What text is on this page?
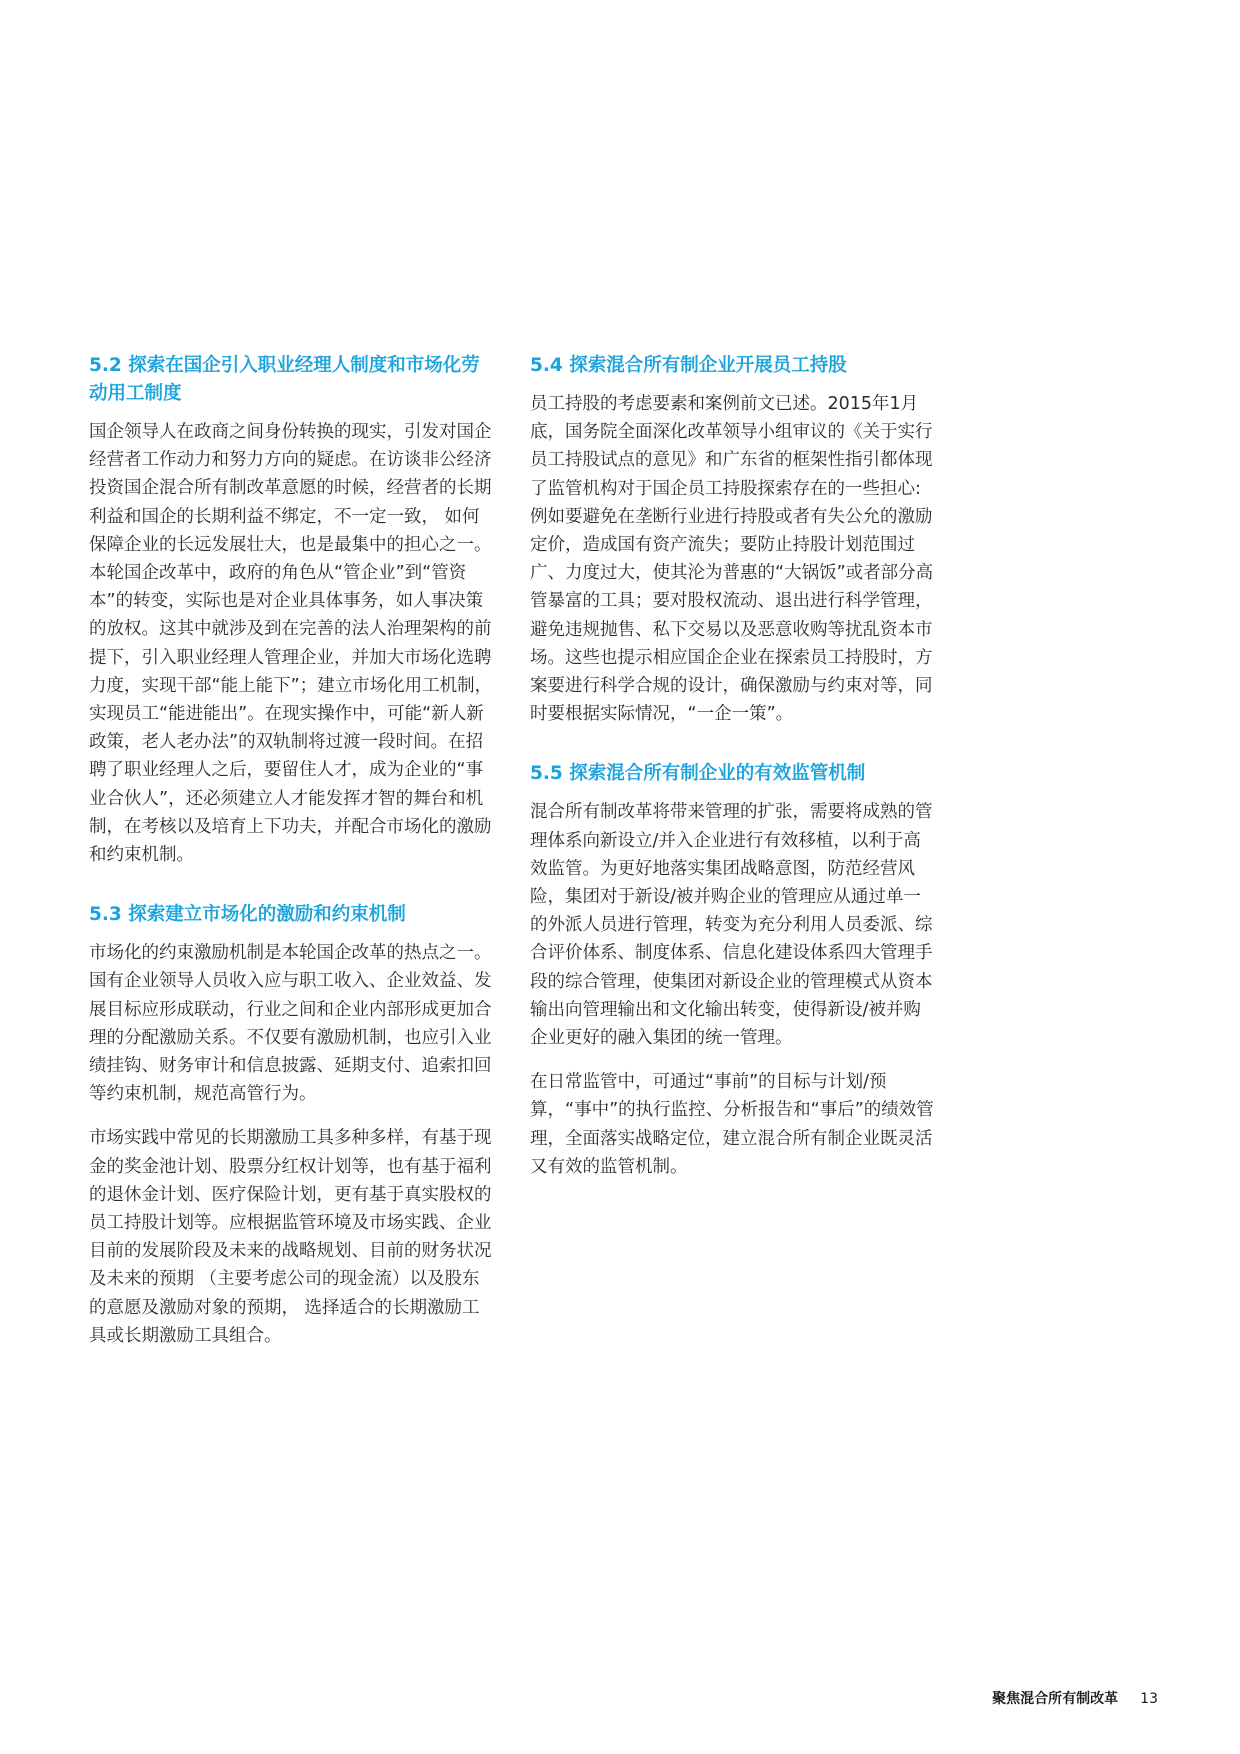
5.2 探索在国企引入职业经理人制度和市场化劳动用工制度

国企领导人在政商之间身份转换的现实，引发对国企经营者工作动力和努力方向的疑虑。在访谈非公经济投资国企混合所有制改革意愿的时候，经营者的长期利益和国企的长期利益不绑定，不一定一致， 如何保障企业的长远发展壮大，也是最集中的担心之一。本轮国企改革中，政府的角色从“管企业”到“管资本”的转变，实际也是对企业具体事务，如人事决策的放权。这其中就涉及到在完善的法人治理架构的前提下，引入职业经理人管理企业，并加大市场化选聘力度，实现干部“能上能下”；建立市场化用工机制，实现员工“能进能出”。在现实操作中，可能“新人新政策，老人老办法”的双轨制将过渡一段时间。在招聘了职业经理人之后，要留住人才，成为企业的“事业合伙人”，还必须建立人才能发挥才智的舞台和机制，在考核以及培育上下功夫，并配合市场化的激励和约束机制。

5.3 探索建立市场化的激励和约束机制

市场化的约束激励机制是本轮国企改革的热点之一。国有企业领导人员收入应与职工收入、企业效益、发展目标应形成联动，行业之间和企业内部形成更加合理的分配激励关系。不仅要有激励机制，也应引入业绩挂钩、财务审计和信息披露、延期支付、追索扣回等约束机制，规范高管行为。

市场实践中常见的长期激励工具多种多样，有基于现金的奖金池计划、股票分红权计划等，也有基于福利的退休金计划、医疗保险计划，更有基于真实股权的员工持股计划等。应根据监管环境及市场实践、企业目前的发展阶段及未来的战略规划、目前的财务状况及未来的预期 （主要考虑公司的现金流）以及股东的意愿及激励对象的预期， 选择适合的长期激励工具或长期激励工具组合。

5.4 探索混合所有制企业开展员工持股

员工持股的考虑要素和案例前文已述。2015年1月底，国务院全面深化改革领导小组审议的《关于实行员工持股试点的意见》和广东省的框架性指引都体现了监管机构对于国企员工持股探索存在的一些担心: 例如要避免在垄断行业进行持股或者有失公允的激励定价，造成国有资产流失；要防止持股计划范围过广、力度过大，使其沦为普惠的“大锅饭”或者部分高管暴富的工具；要对股权流动、退出进行科学管理，避免违规抛售、私下交易以及恶意收购等扰乱资本市场。这些也提示相应国企企业在探索员工持股时，方案要进行科学合规的设计，确保激励与约束对等，同时要根据实际情况，“一企一策”。

5.5 探索混合所有制企业的有效监管机制

混合所有制改革将带来管理的扩张，需要将成熟的管理体系向新设立/并入企业进行有效移植，以利于高效监管。为更好地落实集团战略意图，防范经营风险，集团对于新设/被并购企业的管理应从通过单一的外派人员进行管理，转变为充分利用人员委派、综合评价体系、制度体系、信息化建设体系四大管理手段的综合管理，使集团对新设企业的管理模式从资本输出向管理输出和文化输出转变，使得新设/被并购企业更好的融入集团的统一管理。

在日常监管中，可通过“事前”的目标与计划/预算，“事中”的执行监控、分析报告和“事后”的绩效管理，全面落实战略定位，建立混合所有制企业既灵活又有效的监管机制。

聚焦混合所有制改革 13
